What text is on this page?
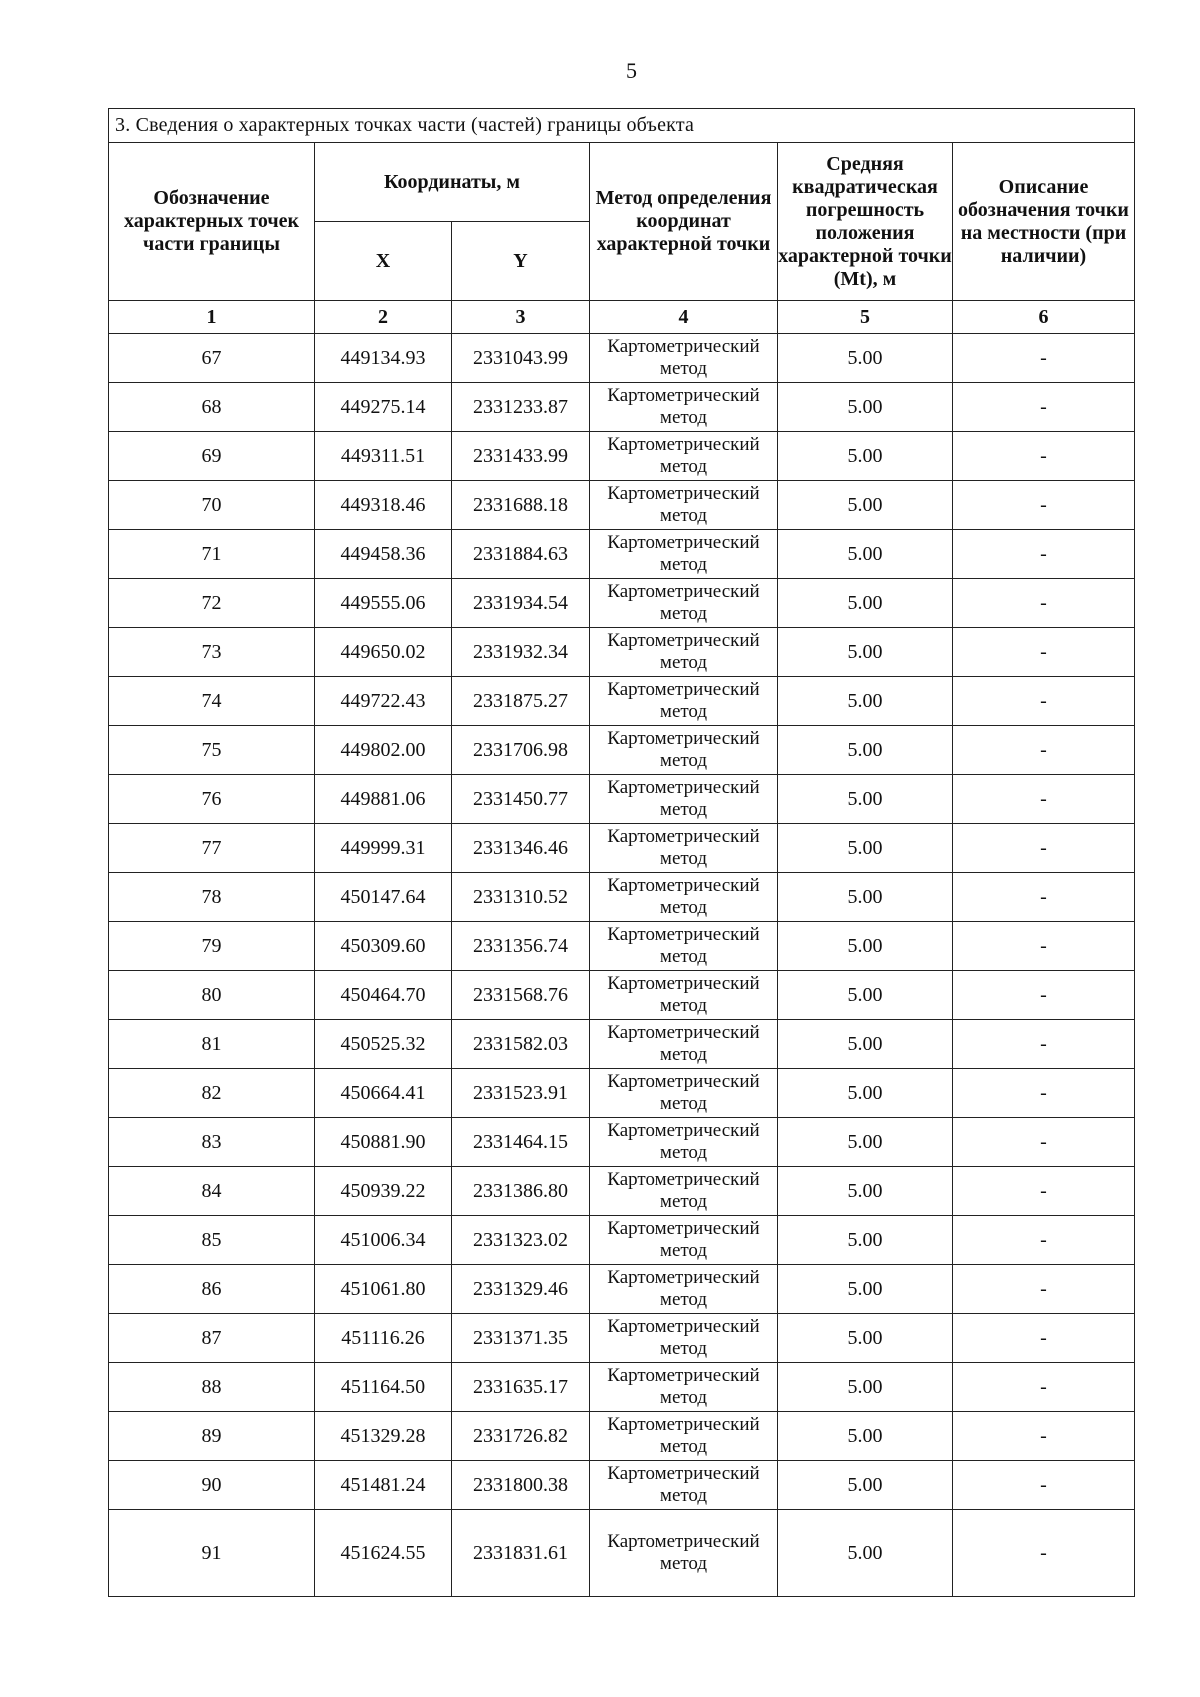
5
3. Сведения о характерных точках части (частей) границы объекта					
Обозначение характерных точек части границы	Координаты, м		Метод определения координат характерной точки	Средняя квадратическая погрешность положения характерной точки (Mt), м	Описание обозначения точки на местности (при наличии)
	X	Y			
1	2	3	4	5	6
67	449134.93	2331043.99	Картометрический метод	5.00	-
68	449275.14	2331233.87	Картометрический метод	5.00	-
69	449311.51	2331433.99	Картометрический метод	5.00	-
70	449318.46	2331688.18	Картометрический метод	5.00	-
71	449458.36	2331884.63	Картометрический метод	5.00	-
72	449555.06	2331934.54	Картометрический метод	5.00	-
73	449650.02	2331932.34	Картометрический метод	5.00	-
74	449722.43	2331875.27	Картометрический метод	5.00	-
75	449802.00	2331706.98	Картометрический метод	5.00	-
76	449881.06	2331450.77	Картометрический метод	5.00	-
77	449999.31	2331346.46	Картометрический метод	5.00	-
78	450147.64	2331310.52	Картометрический метод	5.00	-
79	450309.60	2331356.74	Картометрический метод	5.00	-
80	450464.70	2331568.76	Картометрический метод	5.00	-
81	450525.32	2331582.03	Картометрический метод	5.00	-
82	450664.41	2331523.91	Картометрический метод	5.00	-
83	450881.90	2331464.15	Картометрический метод	5.00	-
84	450939.22	2331386.80	Картометрический метод	5.00	-
85	451006.34	2331323.02	Картометрический метод	5.00	-
86	451061.80	2331329.46	Картометрический метод	5.00	-
87	451116.26	2331371.35	Картометрический метод	5.00	-
88	451164.50	2331635.17	Картометрический метод	5.00	-
89	451329.28	2331726.82	Картометрический метод	5.00	-
90	451481.24	2331800.38	Картометрический метод	5.00	-
91	451624.55	2331831.61	Картометрический метод	5.00	-
